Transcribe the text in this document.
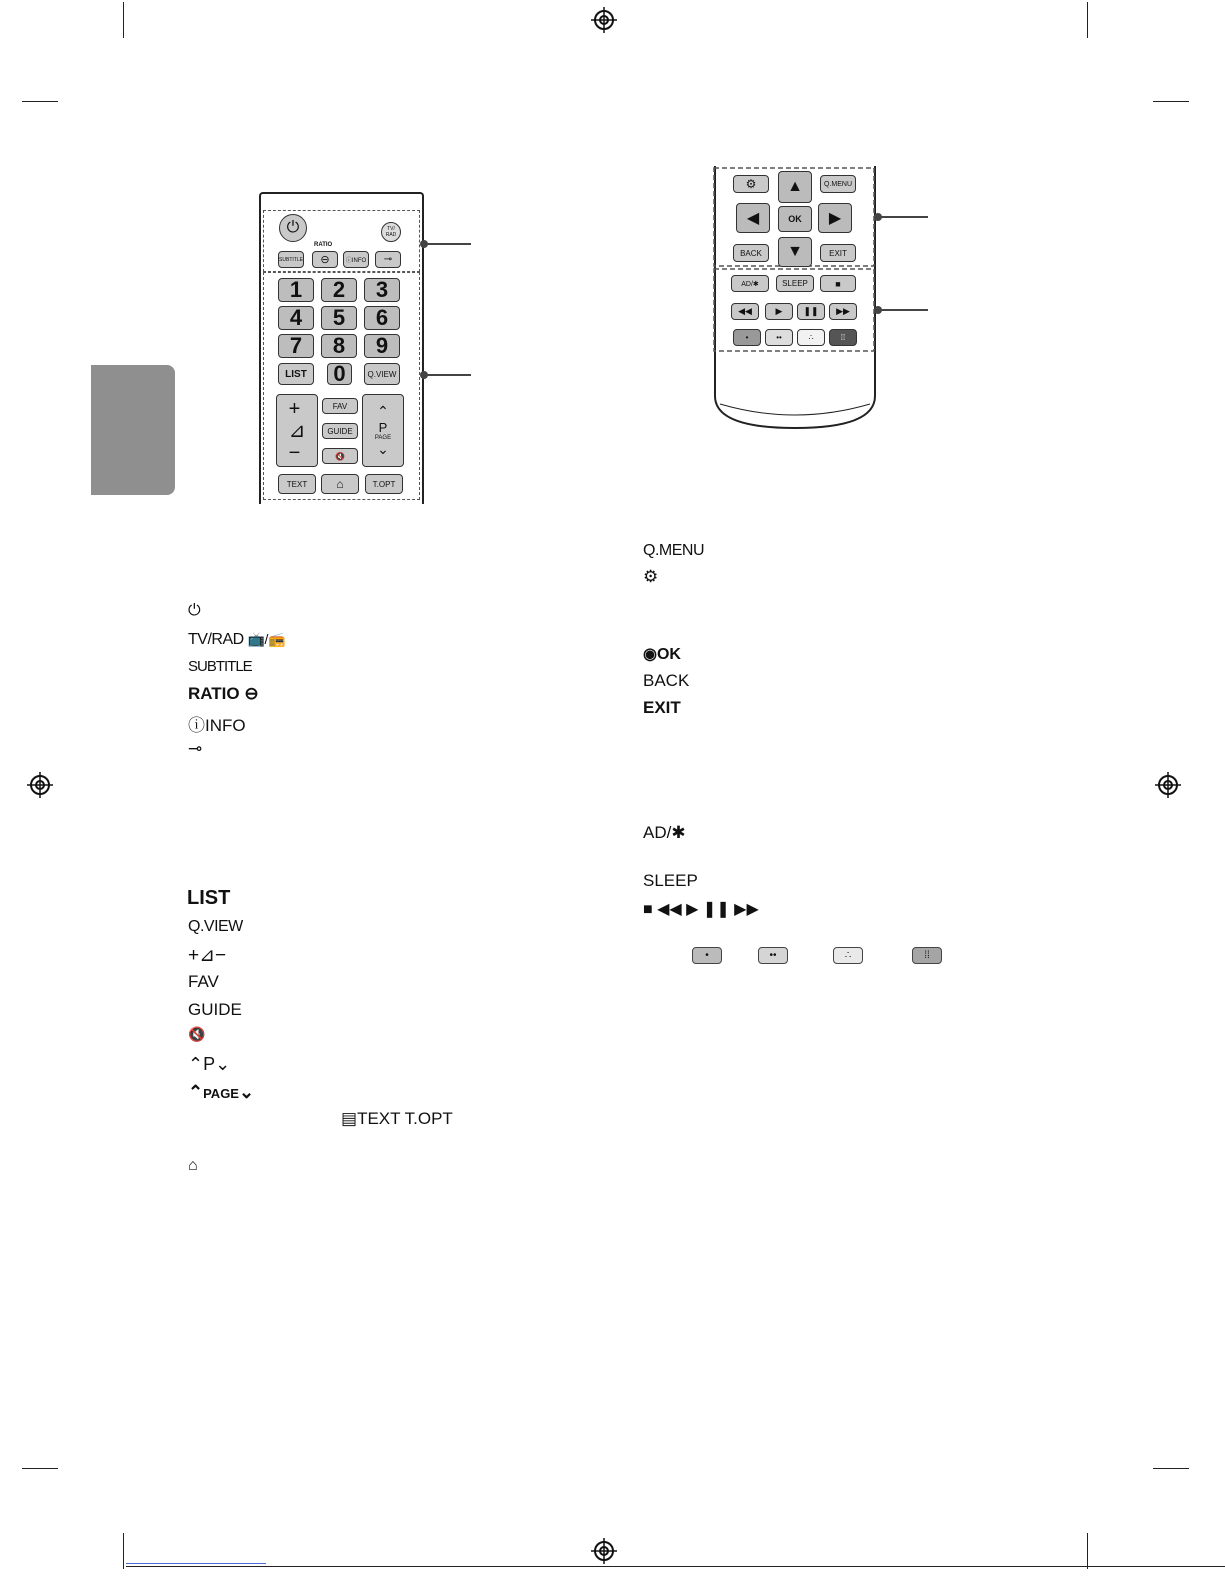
⏻	TV/
RAD
RATIO
SUBTITLE	⊖	ⓘINFO	⊸
1	2	3
4	5	6
7	8	9
LIST	0	Q.VIEW
+
⊿
−
FAV
GUIDE
🔇
⌃
P
PAGE
⌄
TEXT	⌂	T.OPT
⚙	▲	Q.MENU
◀	OK	▶
BACK	▼	EXIT
AD/✱	SLEEP	■
◀◀	▶	❚❚	▶▶
•	••	∴	⁞⁞
⏻
TV/RAD 📺/📻
SUBTITLE
RATIO ⊖
ⓘINFO
⊸
LIST
Q.VIEW
+⊿−
FAV
GUIDE
🔇
⌃P⌄
⌃PAGE⌄
▤TEXT T.OPT
⌂
Q.MENU
⚙
◉OK
BACK
EXIT
AD/✱
SLEEP
■ ◀◀ ▶ ❚❚ ▶▶
•	••	∴	⁞⁞
